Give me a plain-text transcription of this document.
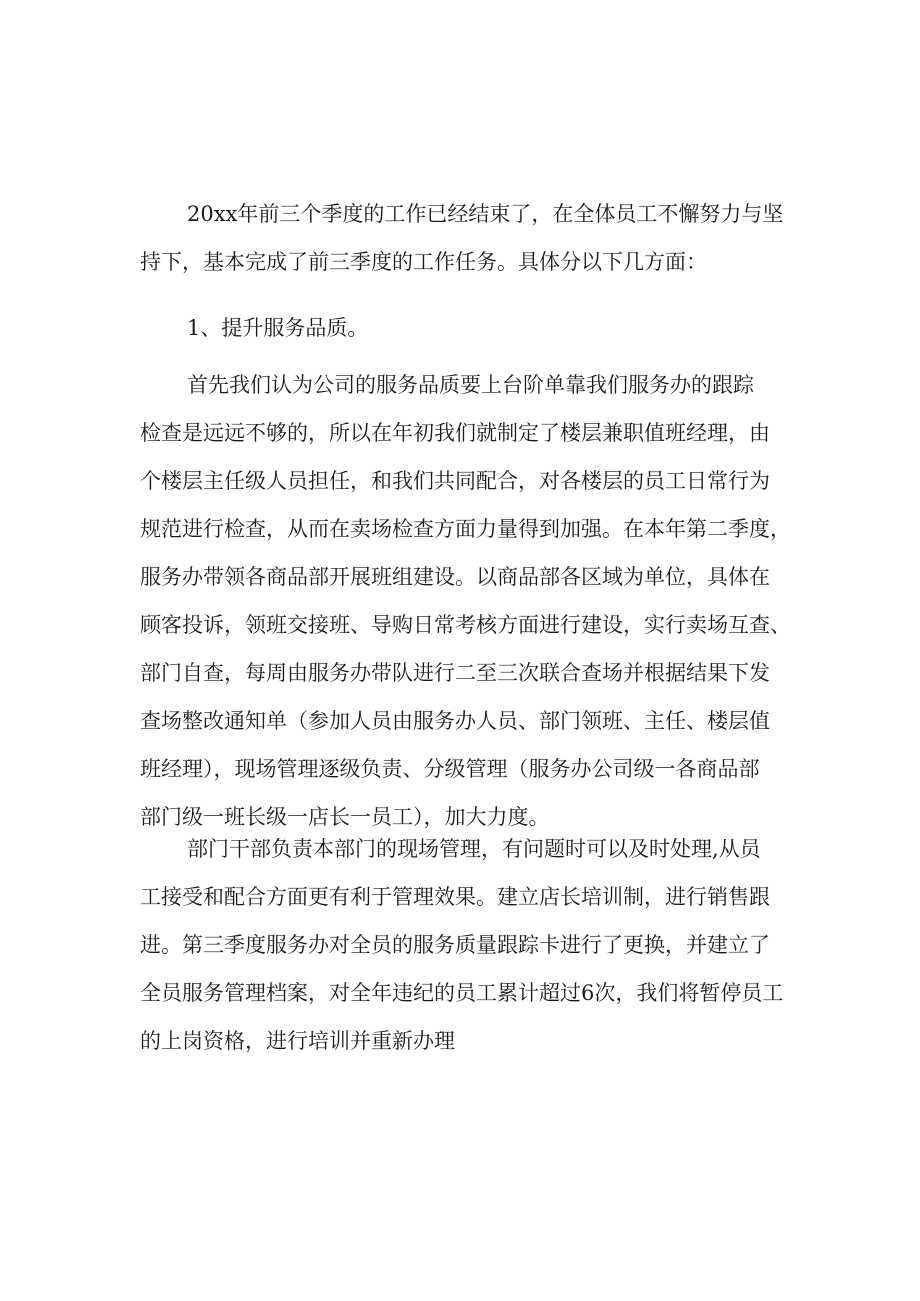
20xx年前三个季度的工作已经结束了，在全体员工不懈努力与坚
持下，基本完成了前三季度的工作任务。具体分以下几方面：

1、提升服务品质。

首先我们认为公司的服务品质要上台阶单靠我们服务办的跟踪
检查是远远不够的，所以在年初我们就制定了楼层兼职值班经理，由
个楼层主任级人员担任，和我们共同配合，对各楼层的员工日常行为
规范进行检查，从而在卖场检查方面力量得到加强。在本年第二季度，
服务办带领各商品部开展班组建设。以商品部各区域为单位，具体在
顾客投诉，领班交接班、导购日常考核方面进行建设，实行卖场互查、
部门自查，每周由服务办带队进行二至三次联合查场并根据结果下发
查场整改通知单（参加人员由服务办人员、部门领班、主任、楼层值
班经理），现场管理逐级负责、分级管理（服务办公司级一各商品部
部门级一班长级一店长一员工），加大力度。

部门干部负责本部门的现场管理，有问题时可以及时处理,从员
工接受和配合方面更有利于管理效果。建立店长培训制，进行销售跟
进。第三季度服务办对全员的服务质量跟踪卡进行了更换，并建立了
全员服务管理档案，对全年违纪的员工累计超过6次，我们将暂停员工
的上岗资格，进行培训并重新办理
